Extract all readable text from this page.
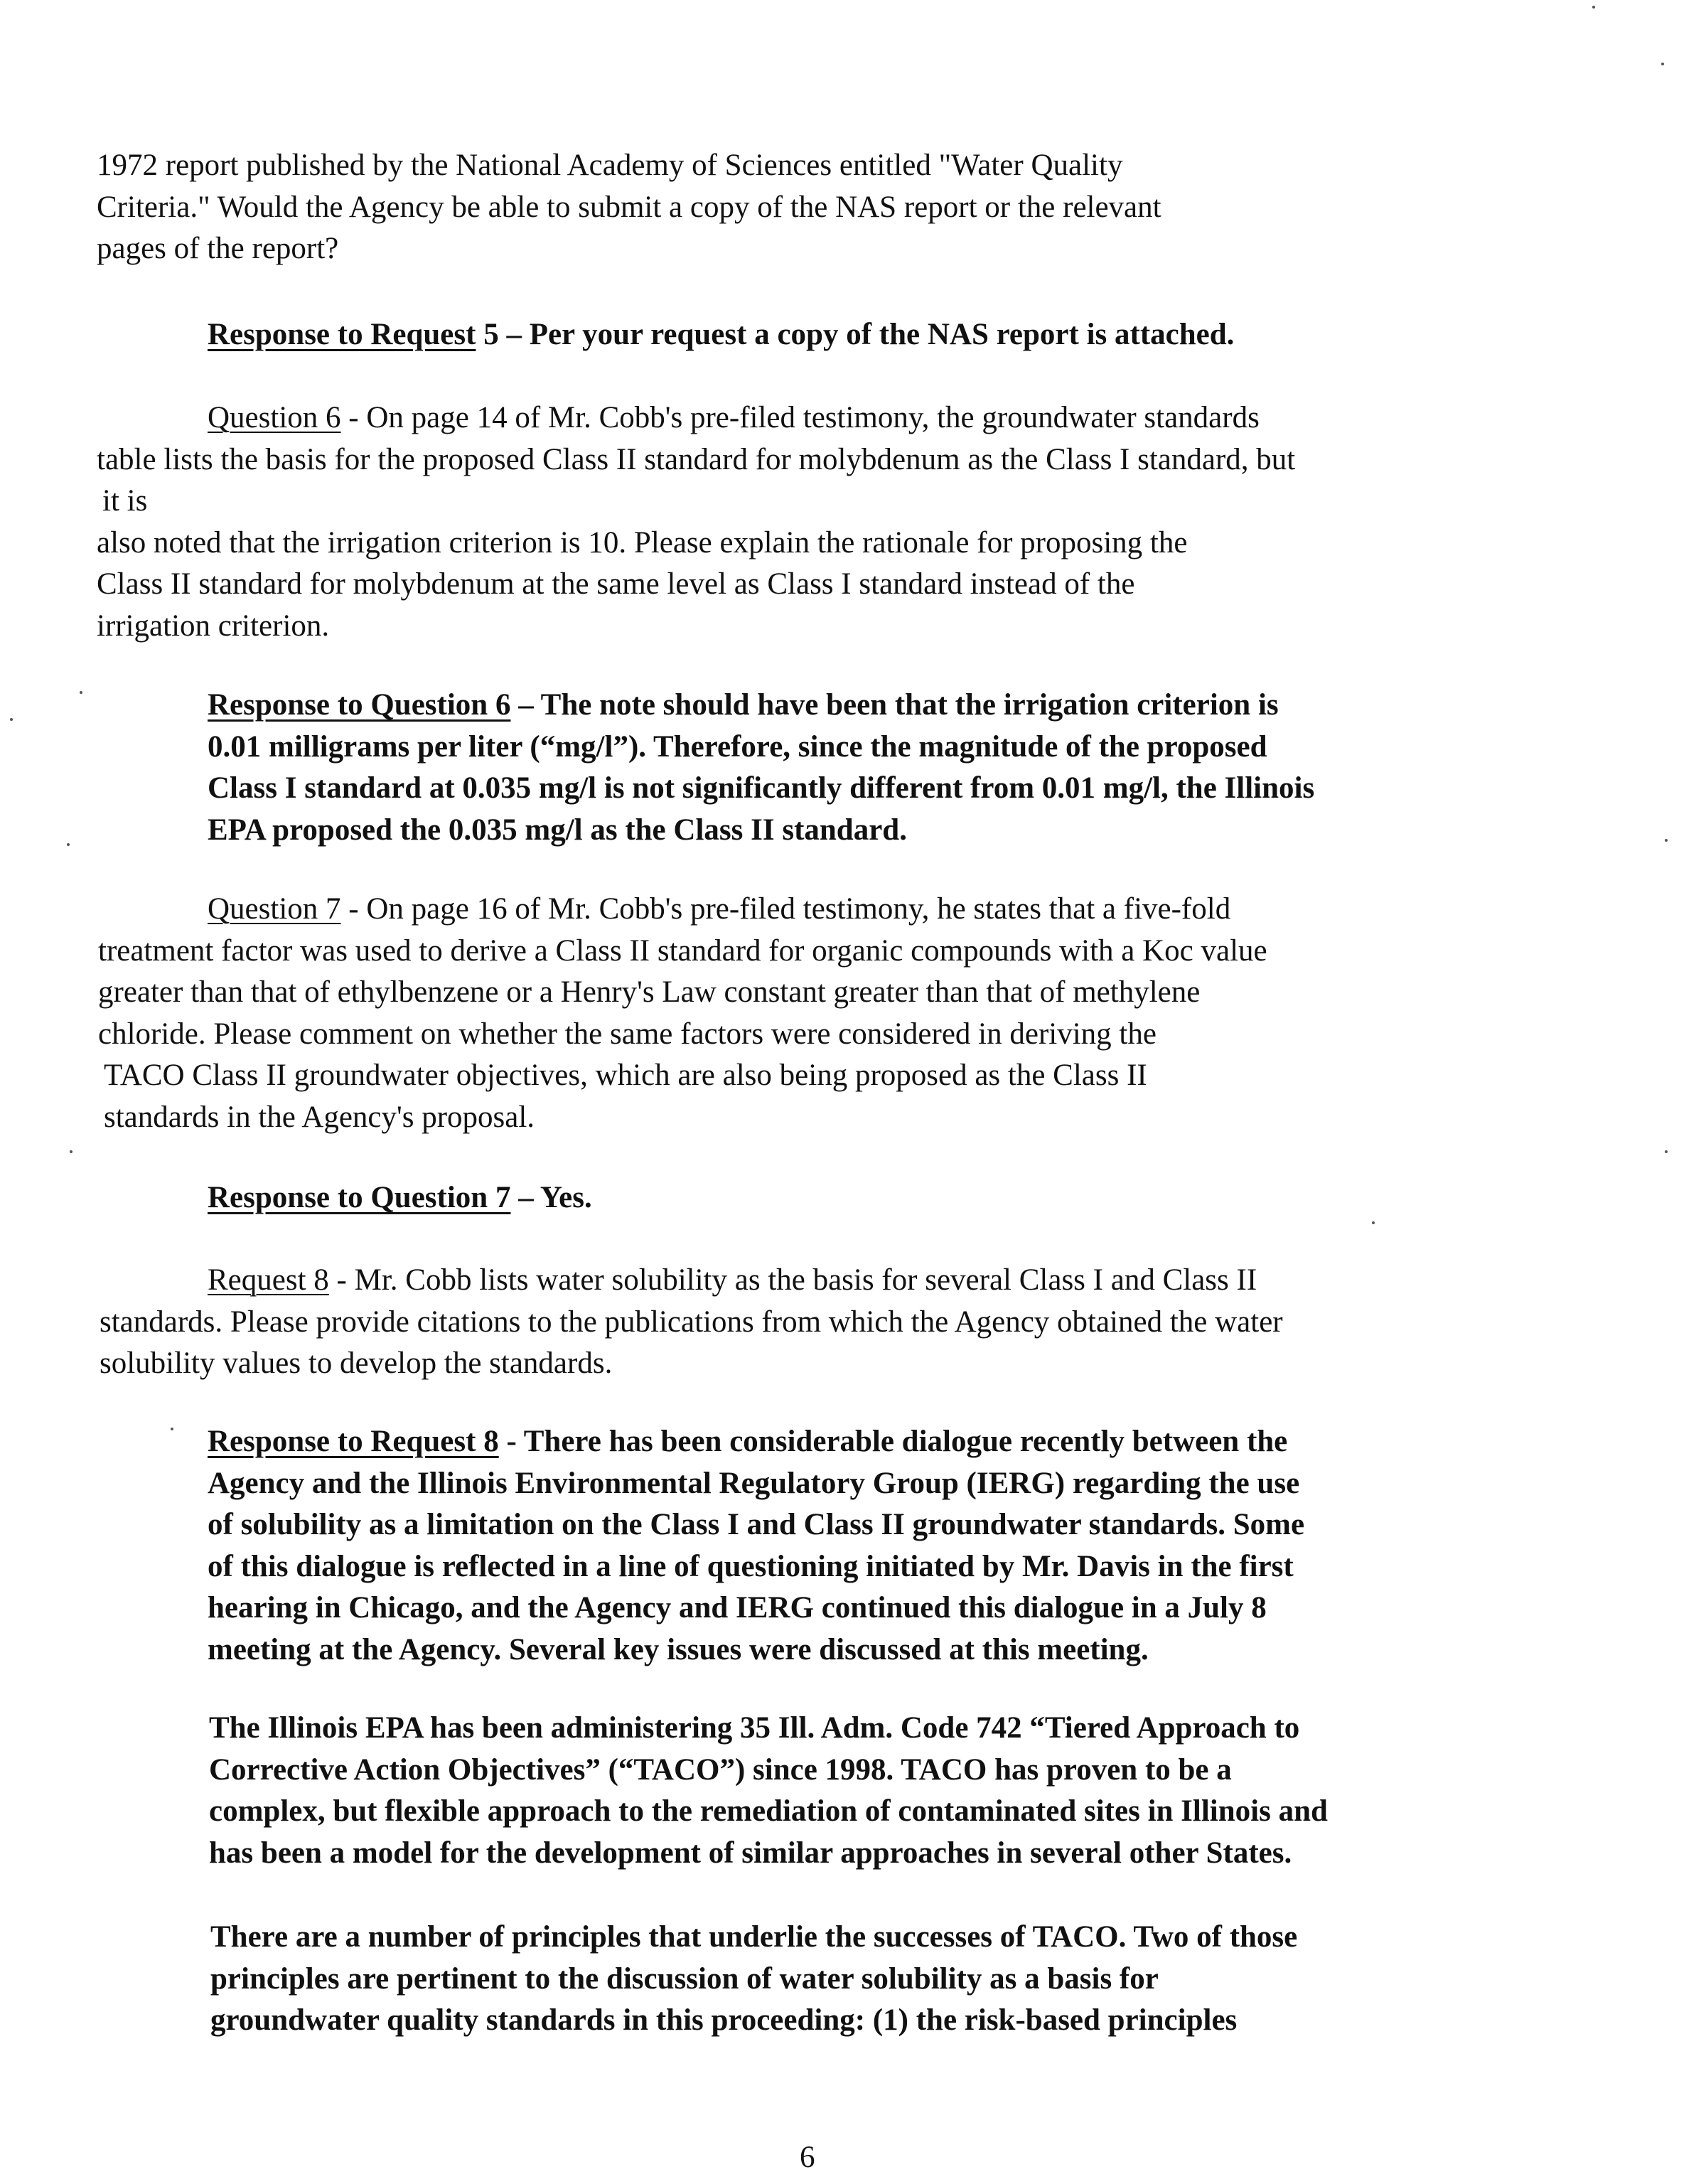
1972 report published by the National Academy of Sciences entitled "Water Quality
Criteria." Would the Agency be able to submit a copy of the NAS report or the relevant
pages of the report?
Response to Request 5 – Per your request a copy of the NAS report is attached.
Question 6 - On page 14 of Mr. Cobb's pre-filed testimony, the groundwater standards
table lists the basis for the proposed Class II standard for molybdenum as the Class I standard, but
it is
also noted that the irrigation criterion is 10. Please explain the rationale for proposing the
Class II standard for molybdenum at the same level as Class I standard instead of the
irrigation criterion.
Response to Question 6 – The note should have been that the irrigation criterion is
0.01 milligrams per liter (“mg/l”). Therefore, since the magnitude of the proposed
Class I standard at 0.035 mg/l is not significantly different from 0.01 mg/l, the Illinois
EPA proposed the 0.035 mg/l as the Class II standard.
Question 7 - On page 16 of Mr. Cobb's pre-filed testimony, he states that a five-fold
treatment factor was used to derive a Class II standard for organic compounds with a Koc value
greater than that of ethylbenzene or a Henry's Law constant greater than that of methylene
chloride. Please comment on whether the same factors were considered in deriving the
TACO Class II groundwater objectives, which are also being proposed as the Class II
standards in the Agency's proposal.
Response to Question 7 – Yes.
Request 8 - Mr. Cobb lists water solubility as the basis for several Class I and Class II
standards. Please provide citations to the publications from which the Agency obtained the water
solubility values to develop the standards.
Response to Request 8 - There has been considerable dialogue recently between the
Agency and the Illinois Environmental Regulatory Group (IERG) regarding the use
of solubility as a limitation on the Class I and Class II groundwater standards. Some
of this dialogue is reflected in a line of questioning initiated by Mr. Davis in the first
hearing in Chicago, and the Agency and IERG continued this dialogue in a July 8
meeting at the Agency. Several key issues were discussed at this meeting.
The Illinois EPA has been administering 35 Ill. Adm. Code 742 “Tiered Approach to
Corrective Action Objectives” (“TACO”) since 1998. TACO has proven to be a
complex, but flexible approach to the remediation of contaminated sites in Illinois and
has been a model for the development of similar approaches in several other States.
There are a number of principles that underlie the successes of TACO. Two of those
principles are pertinent to the discussion of water solubility as a basis for
groundwater quality standards in this proceeding: (1) the risk-based principles
6
